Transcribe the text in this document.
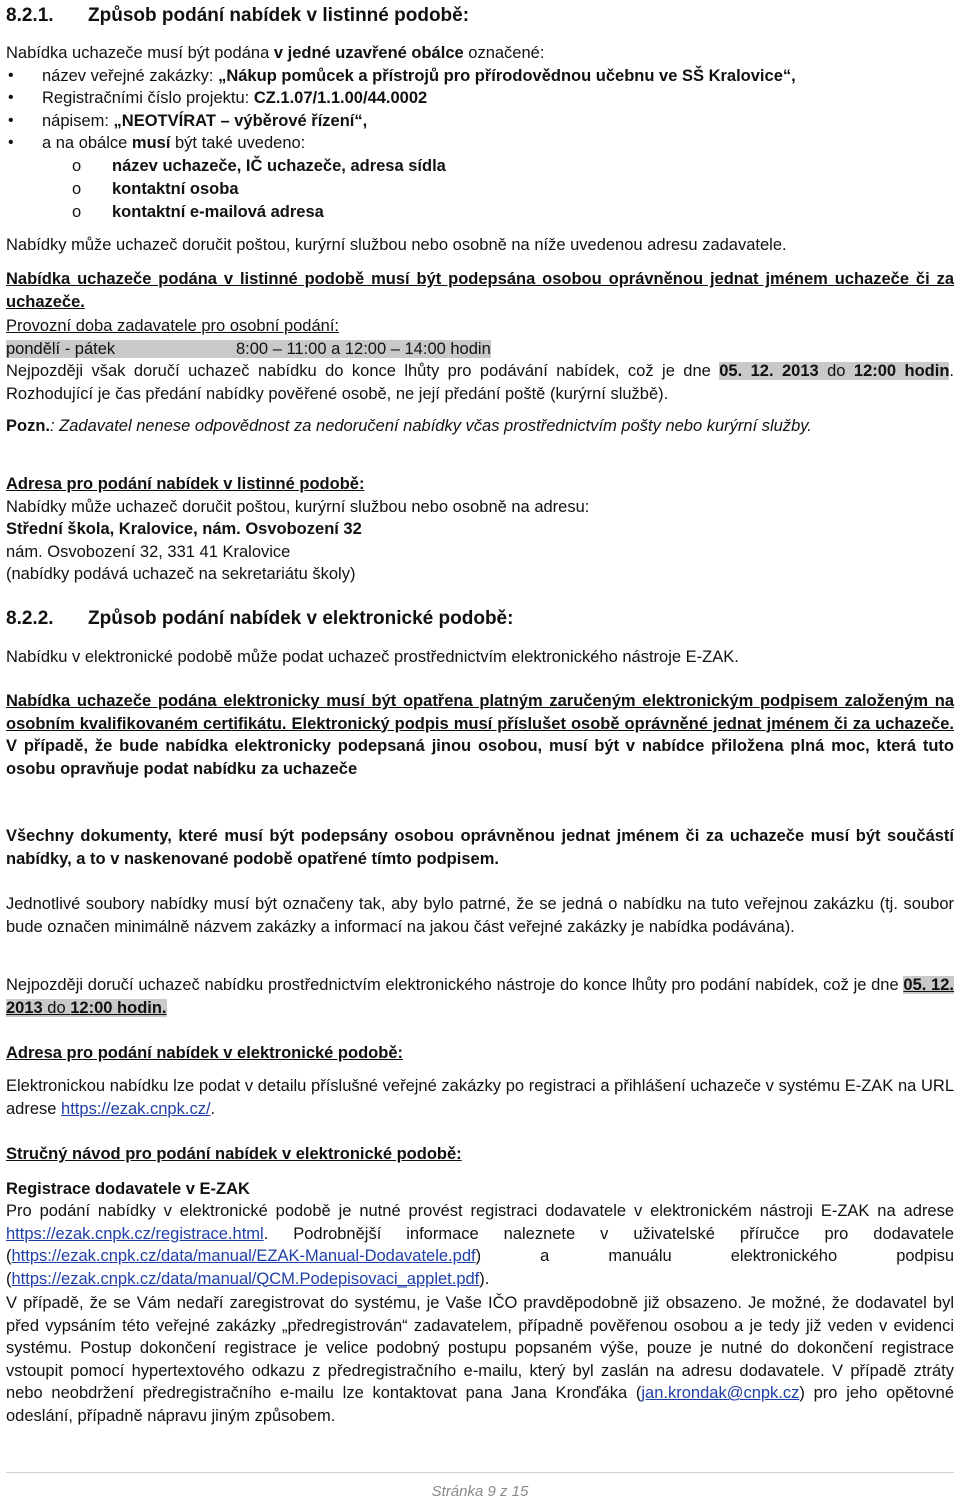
8.2.1. Způsob podání nabídek v listinné podobě:

Nabídka uchazeče musí být podána v jedné uzavřené obálce označené:

• název veřejné zakázky: „Nákup pomůcek a přístrojů pro přírodovědnou učebnu ve SŠ Kralovice“,
• Registračními číslo projektu: CZ.1.07/1.1.00/44.0002
• nápisem: „NEOTVÍRAT – výběrové řízení“,
• a na obálce musí být také uvedeno:
o název uchazeče, IČ uchazeče, adresa sídla
o kontaktní osoba
o kontaktní e-mailová adresa

Nabídky může uchazeč doručit poštou, kurýrní službou nebo osobně na níže uvedenou adresu zadavatele.

Nabídka uchazeče podána v listinné podobě musí být podepsána osobou oprávněnou jednat jménem uchazeče či za uchazeče.

Provozní doba zadavatele pro osobní podání:

pondělí - pátek	8:00 – 11:00 a 12:00 – 14:00 hodin

Nejpozději však doručí uchazeč nabídku do konce lhůty pro podávání nabídek, což je dne 05. 12. 2013 do 12:00 hodin. Rozhodující je čas předání nabídky pověřené osobě, ne její předání poště (kurýrní službě).

Pozn.: Zadavatel nenese odpovědnost za nedoručení nabídky včas prostřednictvím pošty nebo kurýrní služby.

Adresa pro podání nabídek v listinné podobě:

Nabídky může uchazeč doručit poštou, kurýrní službou nebo osobně na adresu:

Střední škola, Kralovice, nám. Osvobození 32

nám. Osvobození 32, 331 41 Kralovice

(nabídky podává uchazeč na sekretariátu školy)

8.2.2. Způsob podání nabídek v elektronické podobě:

Nabídku v elektronické podobě může podat uchazeč prostřednictvím elektronického nástroje E-ZAK.

Nabídka uchazeče podána elektronicky musí být opatřena platným zaručeným elektronickým podpisem založeným na osobním kvalifikovaném certifikátu. Elektronický podpis musí příslušet osobě oprávněné jednat jménem či za uchazeče. V případě, že bude nabídka elektronicky podepsaná jinou osobou, musí být v nabídce přiložena plná moc, která tuto osobu opravňuje podat nabídku za uchazeče

Všechny dokumenty, které musí být podepsány osobou oprávněnou jednat jménem či za uchazeče musí být součástí nabídky, a to v naskenované podobě opatřené tímto podpisem.

Jednotlivé soubory nabídky musí být označeny tak, aby bylo patrné, že se jedná o nabídku na tuto veřejnou zakázku (tj. soubor bude označen minimálně názvem zakázky a informací na jakou část veřejné zakázky je nabídka podávána).

Nejpozději doručí uchazeč nabídku prostřednictvím elektronického nástroje do konce lhůty pro podání nabídek, což je dne 05. 12. 2013 do 12:00 hodin.

Adresa pro podání nabídek v elektronické podobě:

Elektronickou nabídku lze podat v detailu příslušné veřejné zakázky po registraci a přihlášení uchazeče v systému E-ZAK na URL adrese https://ezak.cnpk.cz/.

Stručný návod pro podání nabídek v elektronické podobě:

Registrace dodavatele v E-ZAK

Pro podání nabídky v elektronické podobě je nutné provést registraci dodavatele v elektronickém nástroji E-ZAK na adrese https://ezak.cnpk.cz/registrace.html. Podrobnější informace naleznete v uživatelské příručce pro dodavatele (https://ezak.cnpk.cz/data/manual/EZAK-Manual-Dodavatele.pdf) a manuálu elektronického podpisu (https://ezak.cnpk.cz/data/manual/QCM.Podepisovaci_applet.pdf).

V případě, že se Vám nedaří zaregistrovat do systému, je Vaše IČO pravděpodobně již obsazeno. Je možné, že dodavatel byl před vypsáním této veřejné zakázky „předregistrován“ zadavatelem, případně pověřenou osobou a je tedy již veden v evidenci systému. Postup dokončení registrace je velice podobný postupu popsaném výše, pouze je nutné do dokončení registrace vstoupit pomocí hypertextového odkazu z předregistračního e-mailu, který byl zaslán na adresu dodavatele. V případě ztráty nebo neobdržení předregistračního e-mailu lze kontaktovat pana Jana Kronďáka (jan.krondak@cnpk.cz) pro jeho opětovné odeslání, případně nápravu jiným způsobem.

Stránka 9 z 15
